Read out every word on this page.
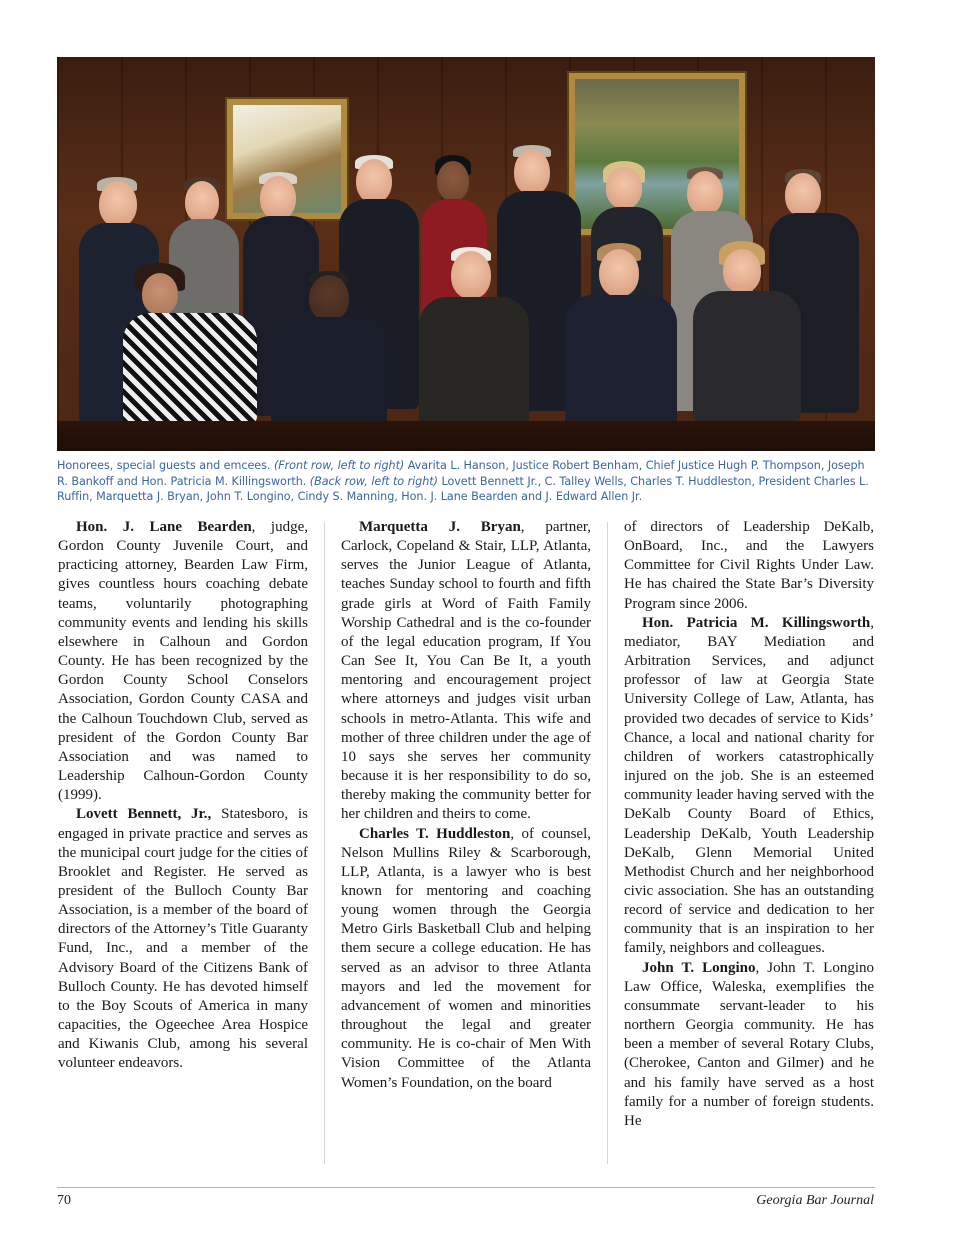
Honorees, special guests and emcees. (Front row, left to right) Avarita L. Hanson, Justice Robert Benham, Chief Justice Hugh P. Thompson, Joseph R. Bankoff and Hon. Patricia M. Killingsworth. (Back row, left to right) Lovett Bennett Jr., C. Talley Wells, Charles T. Huddleston, President Charles L. Ruffin, Marquetta J. Bryan, John T. Longino, Cindy S. Manning, Hon. J. Lane Bearden and J. Edward Allen Jr.

Hon. J. Lane Bearden, judge, Gordon County Juvenile Court, and practicing attorney, Bearden Law Firm, gives countless hours coaching debate teams, voluntarily photographing community events and lending his skills elsewhere in Calhoun and Gordon County. He has been recognized by the Gordon County School Conselors Association, Gordon County CASA and the Calhoun Touchdown Club, served as president of the Gordon County Bar Association and was named to Leadership Calhoun-Gordon County (1999).

Lovett Bennett, Jr., Statesboro, is engaged in private practice and serves as the municipal court judge for the cities of Brooklet and Register. He served as president of the Bulloch County Bar Association, is a member of the board of directors of the Attorney’s Title Guaranty Fund, Inc., and a member of the Advisory Board of the Citizens Bank of Bulloch County. He has devoted himself to the Boy Scouts of America in many capacities, the Ogeechee Area Hospice and Kiwanis Club, among his several volunteer endeavors.

Marquetta J. Bryan, partner, Carlock, Copeland & Stair, LLP, Atlanta, serves the Junior League of Atlanta, teaches Sunday school to fourth and fifth grade girls at Word of Faith Family Worship Cathedral and is the co-founder of the legal education program, If You Can See It, You Can Be It, a youth mentoring and encouragement project where attorneys and judges visit urban schools in metro-Atlanta. This wife and mother of three children under the age of 10 says she serves her community because it is her responsibility to do so, thereby making the community better for her children and theirs to come.

Charles T. Huddleston, of counsel, Nelson Mullins Riley & Scarborough, LLP, Atlanta, is a lawyer who is best known for mentoring and coaching young women through the Georgia Metro Girls Basketball Club and helping them secure a college education. He has served as an advisor to three Atlanta mayors and led the movement for advancement of women and minorities throughout the legal and greater community. He is co-chair of Men With Vision Committee of the Atlanta Women’s Foundation, on the board

of directors of Leadership DeKalb, OnBoard, Inc., and the Lawyers Committee for Civil Rights Under Law. He has chaired the State Bar’s Diversity Program since 2006.

Hon. Patricia M. Killingsworth, mediator, BAY Mediation and Arbitration Services, and adjunct professor of law at Georgia State University College of Law, Atlanta, has provided two decades of service to Kids’ Chance, a local and national charity for children of workers catastrophically injured on the job. She is an esteemed community leader having served with the DeKalb County Board of Ethics, Leadership DeKalb, Youth Leadership DeKalb, Glenn Memorial United Methodist Church and her neighborhood civic association. She has an outstanding record of service and dedication to her community that is an inspiration to her family, neighbors and colleagues.

John T. Longino, John T. Longino Law Office, Waleska, exemplifies the consummate servant-leader to his northern Georgia community. He has been a member of several Rotary Clubs, (Cherokee, Canton and Gilmer) and he and his family have served as a host family for a number of foreign students. He

70	Georgia Bar Journal
